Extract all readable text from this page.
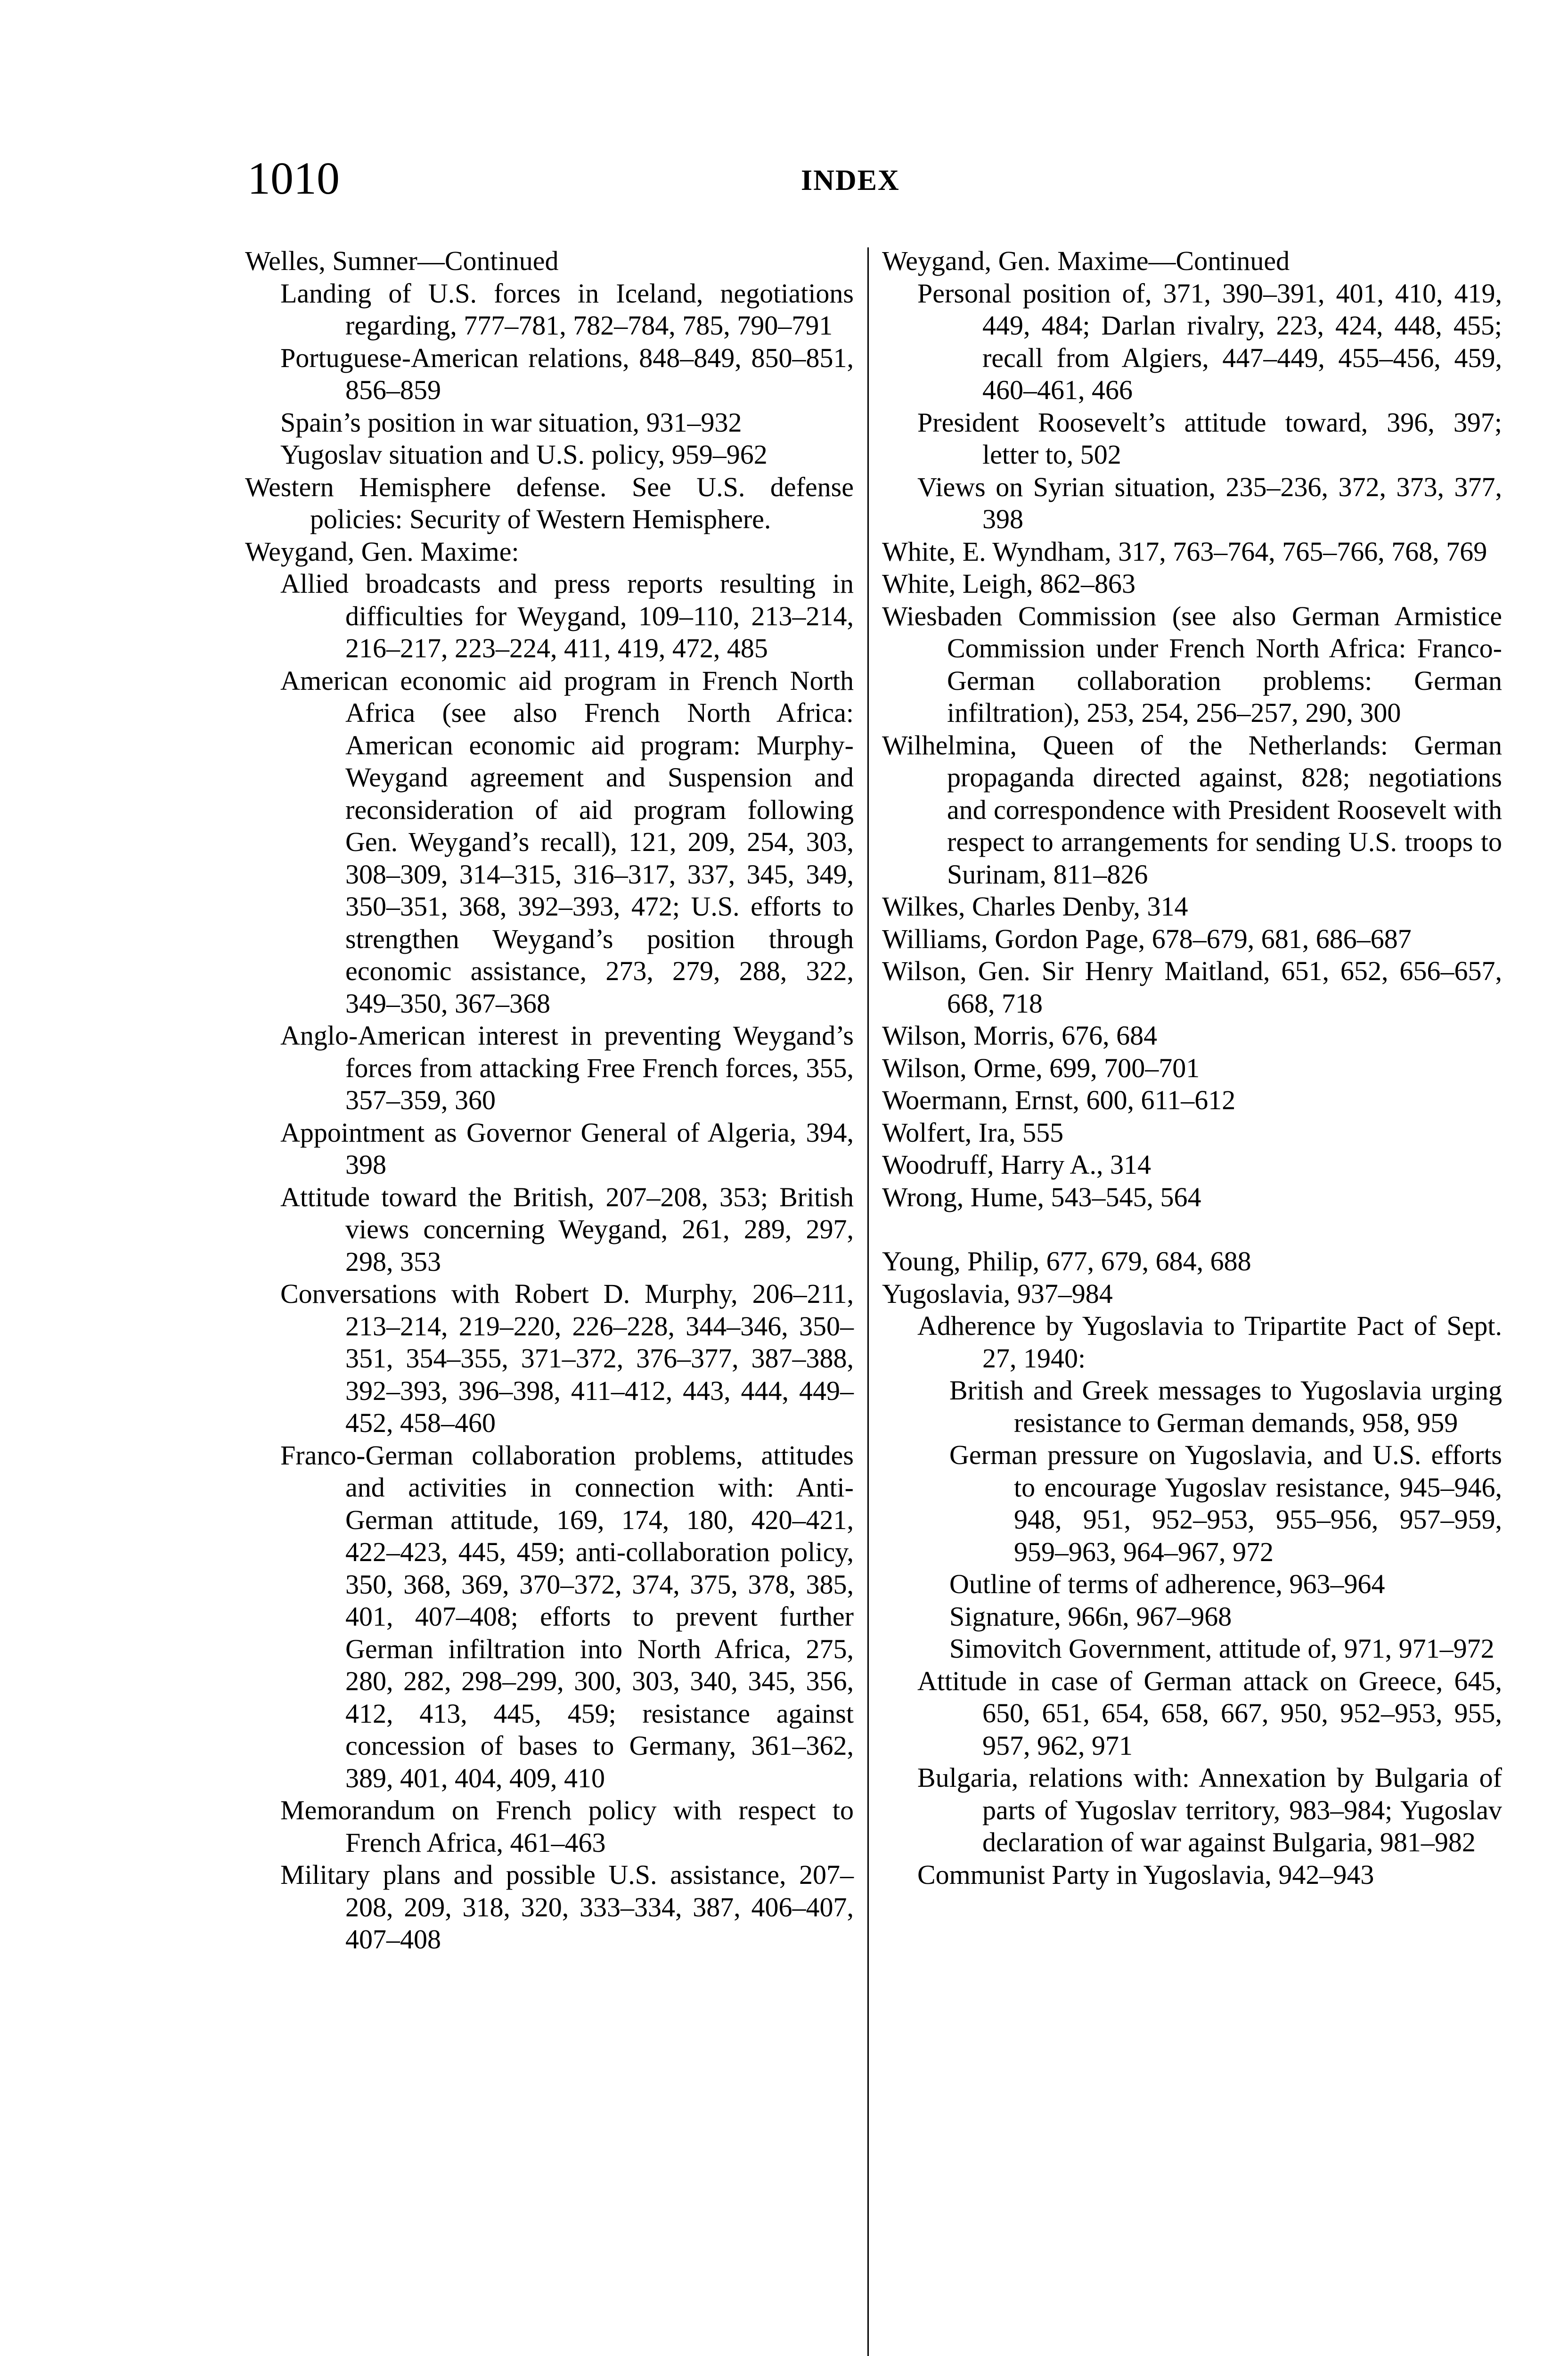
1010	INDEX

Welles, Sumner—Continued

Landing of U.S. forces in Iceland, negotiations regarding, 777–781, 782–784, 785, 790–791

Portuguese-American relations, 848–849, 850–851, 856–859

Spain’s position in war situation, 931–932

Yugoslav situation and U.S. policy, 959–962

Western Hemisphere defense. See U.S. defense policies: Security of Western Hemisphere.

Weygand, Gen. Maxime:

Allied broadcasts and press reports resulting in difficulties for Weygand, 109–110, 213–214, 216–217, 223–224, 411, 419, 472, 485

American economic aid program in French North Africa (see also French North Africa: American economic aid program: Murphy-Weygand agreement and Suspension and reconsideration of aid program following Gen. Weygand’s recall), 121, 209, 254, 303, 308–309, 314–315, 316–317, 337, 345, 349, 350–351, 368, 392–393, 472; U.S. efforts to strengthen Weygand’s position through economic assistance, 273, 279, 288, 322, 349–350, 367–368

Anglo-American interest in preventing Weygand’s forces from attacking Free French forces, 355, 357–359, 360

Appointment as Governor General of Algeria, 394, 398

Attitude toward the British, 207–208, 353; British views concerning Weygand, 261, 289, 297, 298, 353

Conversations with Robert D. Murphy, 206–211, 213–214, 219–220, 226–228, 344–346, 350–351, 354–355, 371–372, 376–377, 387–388, 392–393, 396–398, 411–412, 443, 444, 449–452, 458–460

Franco-German collaboration problems, attitudes and activities in connection with: Anti-German attitude, 169, 174, 180, 420–421, 422–423, 445, 459; anti-collaboration policy, 350, 368, 369, 370–372, 374, 375, 378, 385, 401, 407–408; efforts to prevent further German infiltration into North Africa, 275, 280, 282, 298–299, 300, 303, 340, 345, 356, 412, 413, 445, 459; resistance against concession of bases to Germany, 361–362, 389, 401, 404, 409, 410

Memorandum on French policy with respect to French Africa, 461–463

Military plans and possible U.S. assistance, 207–208, 209, 318, 320, 333–334, 387, 406–407, 407–408

Weygand, Gen. Maxime—Continued

Personal position of, 371, 390–391, 401, 410, 419, 449, 484; Darlan rivalry, 223, 424, 448, 455; recall from Algiers, 447–449, 455–456, 459, 460–461, 466

President Roosevelt’s attitude toward, 396, 397; letter to, 502

Views on Syrian situation, 235–236, 372, 373, 377, 398

White, E. Wyndham, 317, 763–764, 765–766, 768, 769

White, Leigh, 862–863

Wiesbaden Commission (see also German Armistice Commission under French North Africa: Franco-German collaboration problems: German infiltration), 253, 254, 256–257, 290, 300

Wilhelmina, Queen of the Netherlands: German propaganda directed against, 828; negotiations and correspondence with President Roosevelt with respect to arrangements for sending U.S. troops to Surinam, 811–826

Wilkes, Charles Denby, 314

Williams, Gordon Page, 678–679, 681, 686–687

Wilson, Gen. Sir Henry Maitland, 651, 652, 656–657, 668, 718

Wilson, Morris, 676, 684

Wilson, Orme, 699, 700–701

Woermann, Ernst, 600, 611–612

Wolfert, Ira, 555

Woodruff, Harry A., 314

Wrong, Hume, 543–545, 564

Young, Philip, 677, 679, 684, 688

Yugoslavia, 937–984

Adherence by Yugoslavia to Tripartite Pact of Sept. 27, 1940:

British and Greek messages to Yugoslavia urging resistance to German demands, 958, 959

German pressure on Yugoslavia, and U.S. efforts to encourage Yugoslav resistance, 945–946, 948, 951, 952–953, 955–956, 957–959, 959–963, 964–967, 972

Outline of terms of adherence, 963–964

Signature, 966n, 967–968

Simovitch Government, attitude of, 971, 971–972

Attitude in case of German attack on Greece, 645, 650, 651, 654, 658, 667, 950, 952–953, 955, 957, 962, 971

Bulgaria, relations with: Annexation by Bulgaria of parts of Yugoslav territory, 983–984; Yugoslav declaration of war against Bulgaria, 981–982

Communist Party in Yugoslavia, 942–943
